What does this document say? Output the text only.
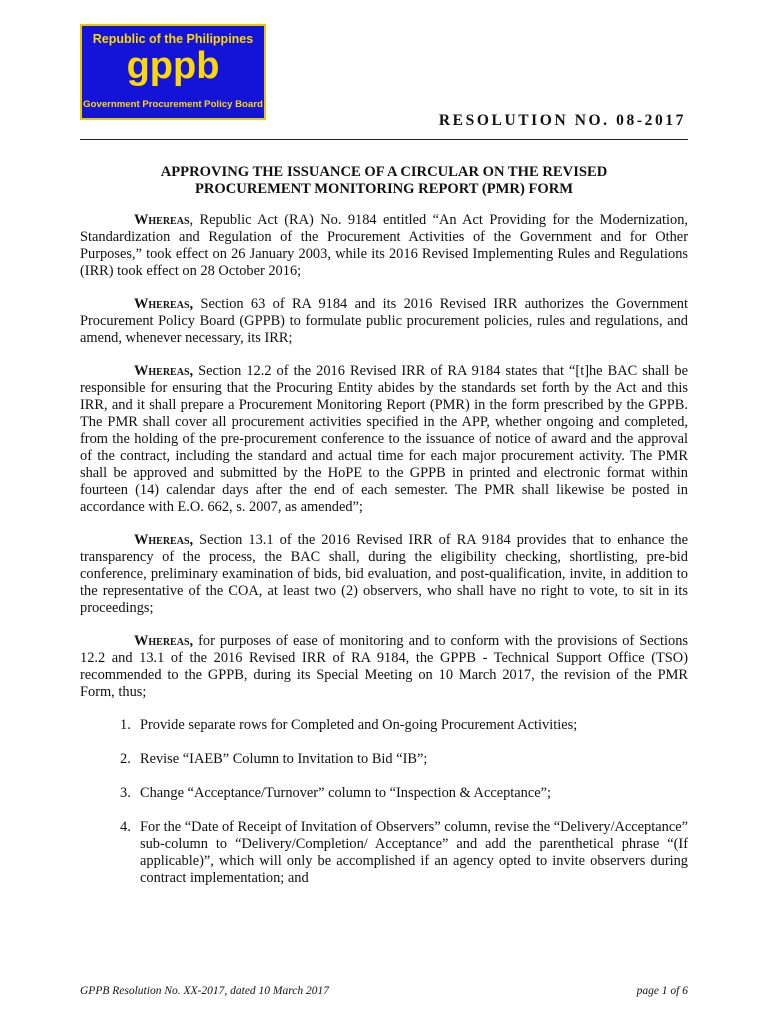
Republic of the Philippines
gppb
Government Procurement Policy Board
RESOLUTION NO. 08-2017
APPROVING THE ISSUANCE OF A CIRCULAR ON THE REVISED
PROCUREMENT MONITORING REPORT (PMR) FORM

Whereas, Republic Act (RA) No. 9184 entitled “An Act Providing for the Modernization, Standardization and Regulation of the Procurement Activities of the Government and for Other Purposes,” took effect on 26 January 2003, while its 2016 Revised Implementing Rules and Regulations (IRR) took effect on 28 October 2016;

Whereas, Section 63 of RA 9184 and its 2016 Revised IRR authorizes the Government Procurement Policy Board (GPPB) to formulate public procurement policies, rules and regulations, and amend, whenever necessary, its IRR;

Whereas, Section 12.2 of the 2016 Revised IRR of RA 9184 states that “[t]he BAC shall be responsible for ensuring that the Procuring Entity abides by the standards set forth by the Act and this IRR, and it shall prepare a Procurement Monitoring Report (PMR) in the form prescribed by the GPPB. The PMR shall cover all procurement activities specified in the APP, whether ongoing and completed, from the holding of the pre-procurement conference to the issuance of notice of award and the approval of the contract, including the standard and actual time for each major procurement activity. The PMR shall be approved and submitted by the HoPE to the GPPB in printed and electronic format within fourteen (14) calendar days after the end of each semester. The PMR shall likewise be posted in accordance with E.O. 662, s. 2007, as amended”;

Whereas, Section 13.1 of the 2016 Revised IRR of RA 9184 provides that to enhance the transparency of the process, the BAC shall, during the eligibility checking, shortlisting, pre-bid conference, preliminary examination of bids, bid evaluation, and post-qualification, invite, in addition to the representative of the COA, at least two (2) observers, who shall have no right to vote, to sit in its proceedings;

Whereas, for purposes of ease of monitoring and to conform with the provisions of Sections 12.2 and 13.1 of the 2016 Revised IRR of RA 9184, the GPPB - Technical Support Office (TSO) recommended to the GPPB, during its Special Meeting on 10 March 2017, the revision of the PMR Form, thus;

1. Provide separate rows for Completed and On-going Procurement Activities;
2. Revise “IAEB” Column to Invitation to Bid “IB”;
3. Change “Acceptance/Turnover” column to “Inspection & Acceptance”;
4. For the “Date of Receipt of Invitation of Observers” column, revise the “Delivery/Acceptance” sub-column to “Delivery/Completion/ Acceptance” and add the parenthetical phrase “(If applicable)”, which will only be accomplished if an agency opted to invite observers during contract implementation; and
GPPB Resolution No. XX-2017, dated 10 March 2017	page 1 of 6
